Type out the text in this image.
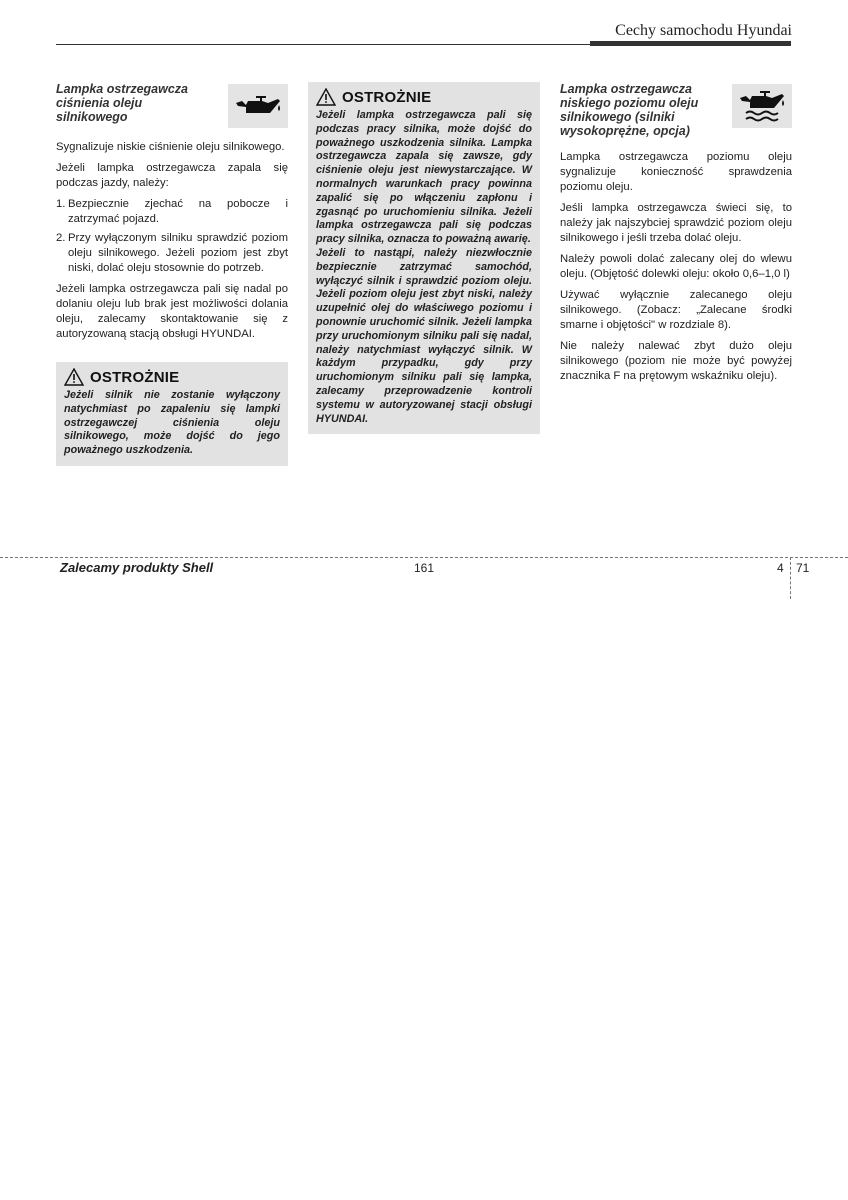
Cechy samochodu Hyundai
Lampka ostrzegawcza ciśnienia oleju silnikowego

Sygnalizuje niskie ciśnienie oleju silnikowego.

Jeżeli lampka ostrzegawcza zapala się podczas jazdy, należy:

1. Bezpiecznie zjechać na pobocze i zatrzymać pojazd.
2. Przy wyłączonym silniku sprawdzić poziom oleju silnikowego. Jeżeli poziom jest zbyt niski, dolać oleju stosownie do potrzeb.

Jeżeli lampka ostrzegawcza pali się nadal po dolaniu oleju lub brak jest możliwości dolania oleju, zalecamy skontaktowanie się z autoryzowaną stacją obsługi HYUNDAI.

OSTROŻNIE

Jeżeli silnik nie zostanie wyłączony natychmiast po zapaleniu się lampki ostrzegawczej ciśnienia oleju silnikowego, może dojść do jego poważnego uszkodzenia.

OSTROŻNIE

Jeżeli lampka ostrzegawcza pali się podczas pracy silnika, może dojść do poważnego uszkodzenia silnika. Lampka ostrzegawcza zapala się zawsze, gdy ciśnienie oleju jest niewystarczające. W normalnych warunkach pracy powinna zapalić się po włączeniu zapłonu i zgasnąć po uruchomieniu silnika. Jeżeli lampka ostrzegawcza pali się podczas pracy silnika, oznacza to poważną awarię.

Jeżeli to nastąpi, należy niezwłocznie bezpiecznie zatrzymać samochód, wyłączyć silnik i sprawdzić poziom oleju. Jeżeli poziom oleju jest zbyt niski, należy uzupełnić olej do właściwego poziomu i ponownie uruchomić silnik. Jeżeli lampka przy uruchomionym silniku pali się nadal, należy natychmiast wyłączyć silnik. W każdym przypadku, gdy przy uruchomionym silniku pali się lampka, zalecamy przeprowadzenie kontroli systemu w autoryzowanej stacji obsługi HYUNDAI.

Lampka ostrzegawcza niskiego poziomu oleju silnikowego (silniki wysokoprężne, opcja)

Lampka ostrzegawcza poziomu oleju sygnalizuje konieczność sprawdzenia poziomu oleju.

Jeśli lampka ostrzegawcza świeci się, to należy jak najszybciej sprawdzić poziom oleju silnikowego i jeśli trzeba dolać oleju.

Należy powoli dolać zalecany olej do wlewu oleju. (Objętość dolewki oleju: około 0,6–1,0 l)

Używać wyłącznie zalecanego oleju silnikowego. (Zobacz: „Zalecane środki smarne i objętości" w rozdziale 8).

Nie należy nalewać zbyt dużo oleju silnikowego (poziom nie może być powyżej znacznika F na prętowym wskaźniku oleju).

Zalecamy produkty Shell	161	4 71
